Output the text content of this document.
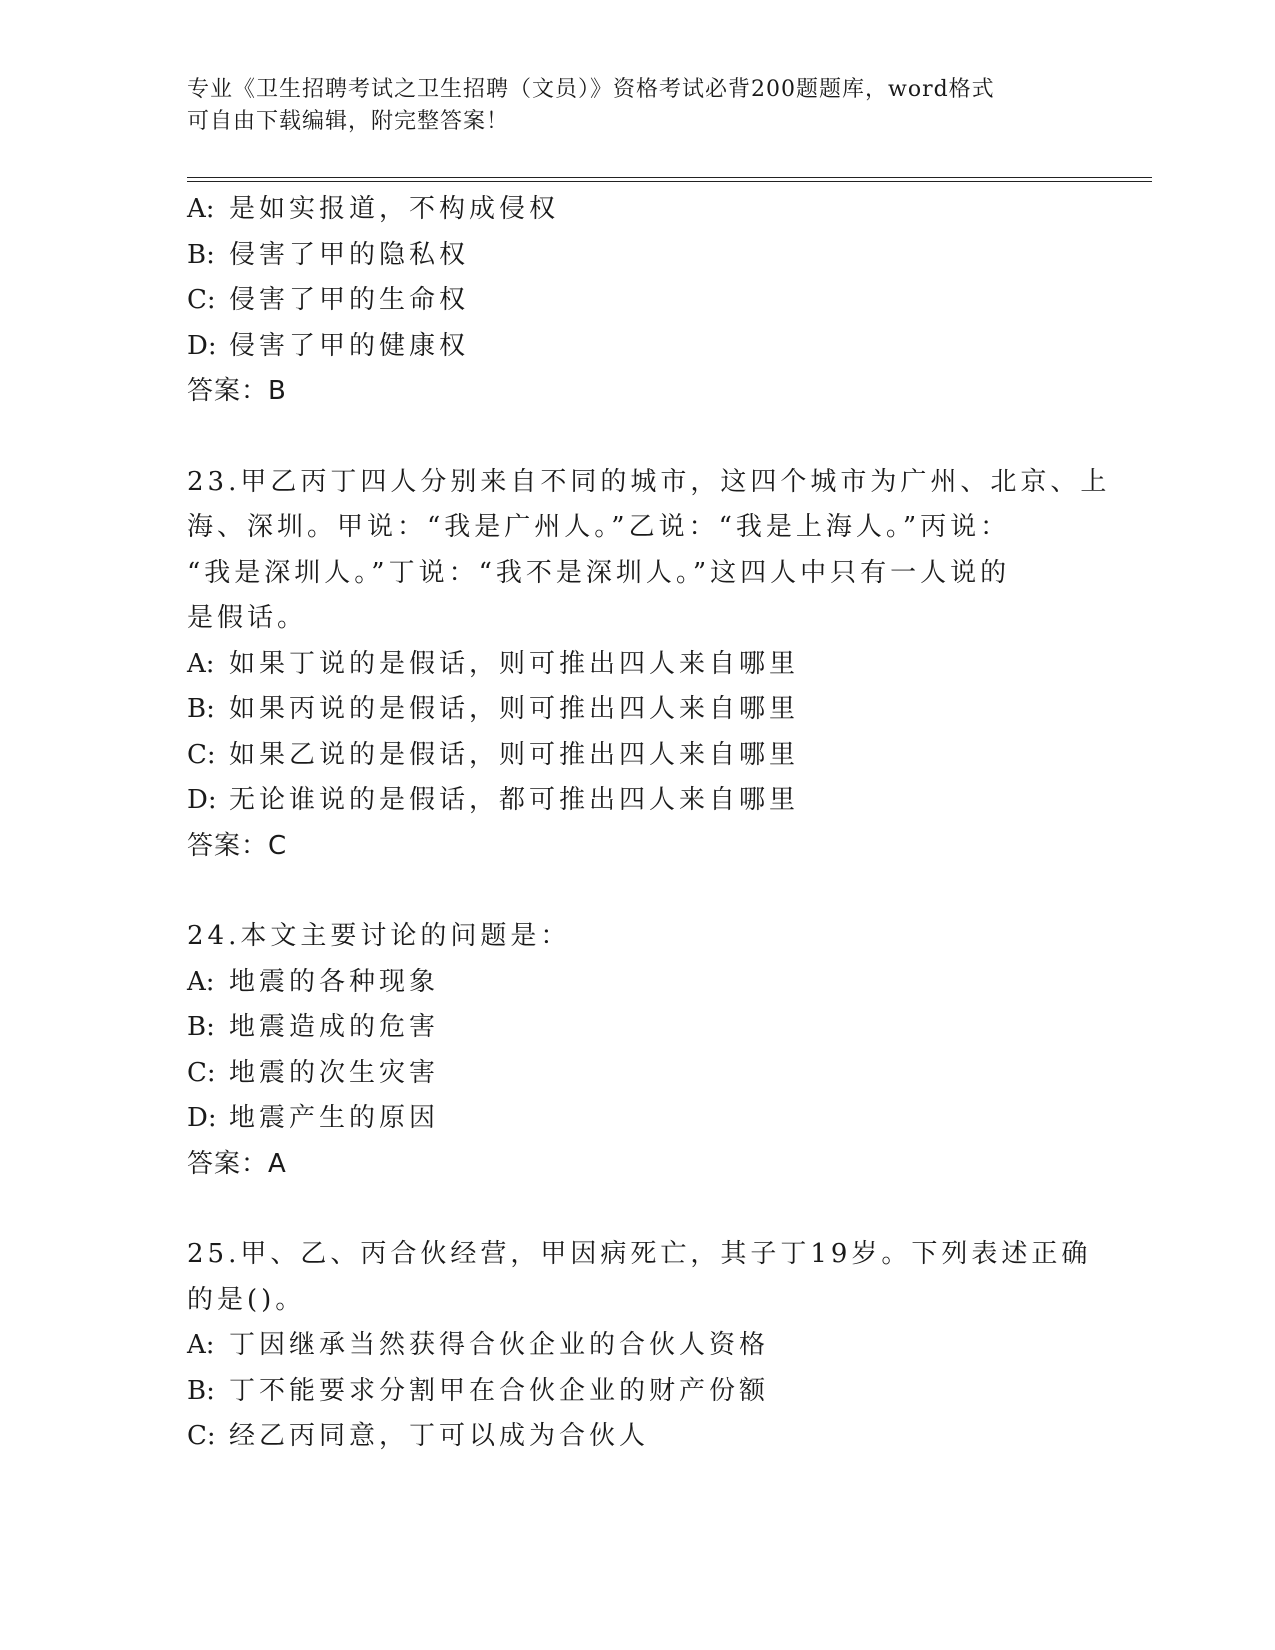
专业《卫生招聘考试之卫生招聘（文员）》资格考试必背200题题库，word格式
可自由下载编辑，附完整答案！
A: 是如实报道，不构成侵权
B: 侵害了甲的隐私权
C: 侵害了甲的生命权
D: 侵害了甲的健康权
答案：B
23.甲乙丙丁四人分别来自不同的城市，这四个城市为广州、北京、上
海、深圳。甲说：“我是广州人。”乙说：“我是上海人。”丙说：
“我是深圳人。”丁说：“我不是深圳人。”这四人中只有一人说的
是假话。
A: 如果丁说的是假话，则可推出四人来自哪里
B: 如果丙说的是假话，则可推出四人来自哪里
C: 如果乙说的是假话，则可推出四人来自哪里
D: 无论谁说的是假话，都可推出四人来自哪里
答案：C
24.本文主要讨论的问题是：
A: 地震的各种现象
B: 地震造成的危害
C: 地震的次生灾害
D: 地震产生的原因
答案：A
25.甲、乙、丙合伙经营，甲因病死亡，其子丁19岁。下列表述正确
的是()。
A: 丁因继承当然获得合伙企业的合伙人资格
B: 丁不能要求分割甲在合伙企业的财产份额
C: 经乙丙同意，丁可以成为合伙人
